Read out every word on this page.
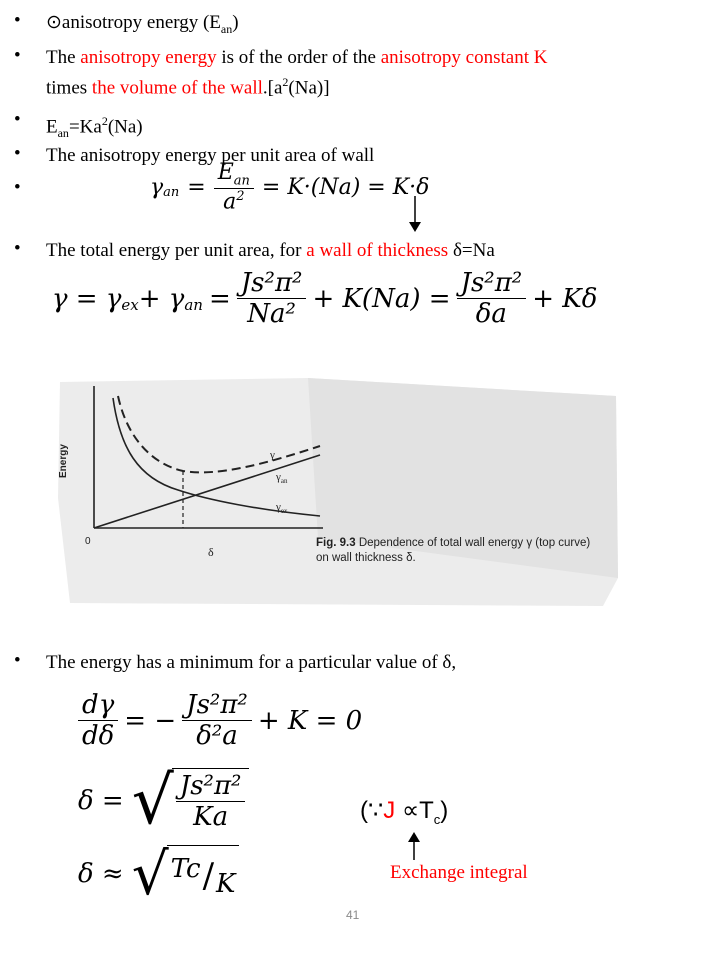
• ⊙anisotropy energy $(E_{an})$
• The anisotropy energy is of the order of the anisotropy constant K
times the volume of the $wall.[a^2(Na)]$
• $E_{an}=Ka^2(Na)$
• The anisotropy energy per unit area of wall
•	$\gamma_{an} = \frac{E_{an}}{a^2} = K\cdot(Na) = K\cdot\delta$
• The total energy per unit area, for a wall of thickness δ=Na
$\gamma = \gamma_{ex} + \gamma_{an} = \frac{\text{Js²π²}}{\text{Na²}} + K(Na) = \frac{\text{Js²π²}}{\delta a} + K\delta$
Energy
0
δ
γ
$\gamma_{an}$
$\gamma_{ex}$
Fig. 9.3 Dependence of total wall energy γ (top curve) on wall thickness δ.
• The energy has a minimum for a particular value of δ,
$\frac{d\gamma}{d\delta}$ = − $\frac{\text{Js²π²}}{\text{δ²a}} + K = 0$
δ = √ $\frac{\text{Js²π²}}{Ka}$	(∵J $\propto T_c$)
Exchange integral
δ ≈ √ Tc / K
41
